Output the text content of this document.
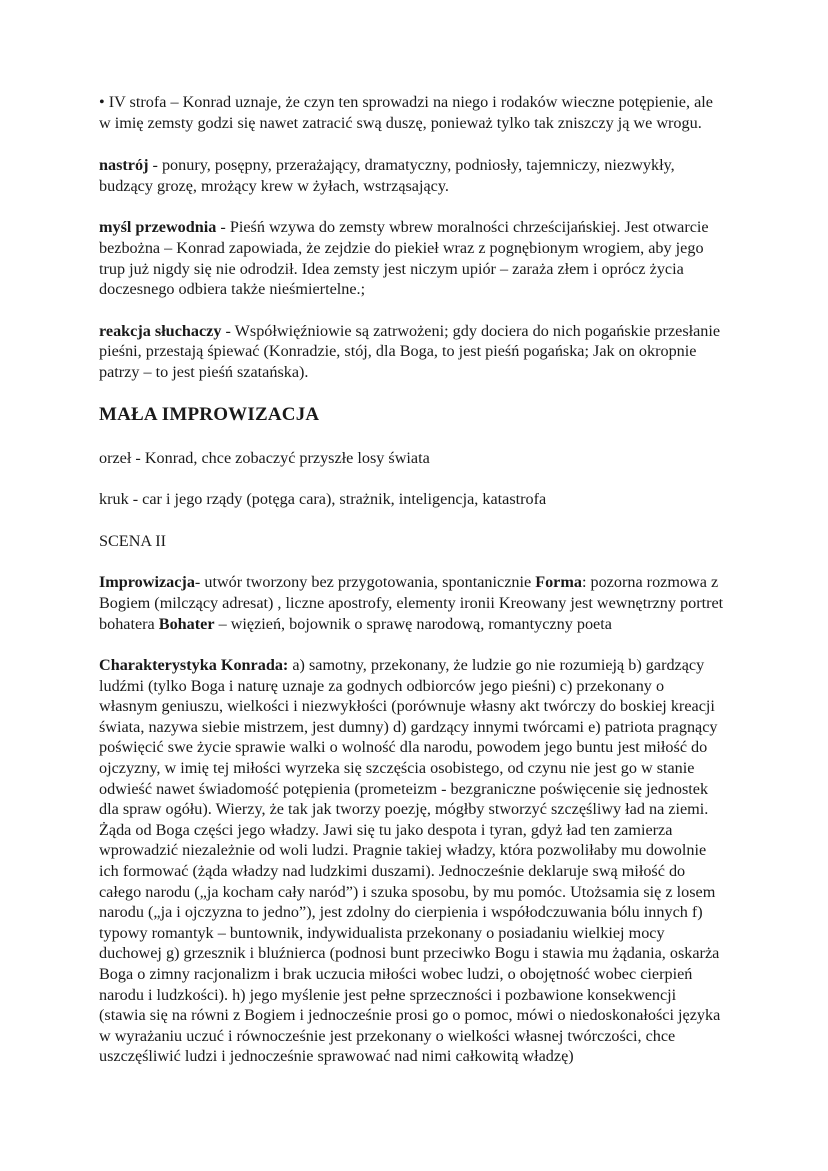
• IV strofa – Konrad uznaje, że czyn ten sprowadzi na niego i rodaków wieczne potępienie, ale w imię zemsty godzi się nawet zatracić swą duszę, ponieważ tylko tak zniszczy ją we wrogu.

nastrój - ponury, posępny, przerażający, dramatyczny, podniosły, tajemniczy, niezwykły, budzący grozę, mrożący krew w żyłach, wstrząsający.

myśl przewodnia - Pieśń wzywa do zemsty wbrew moralności chrześcijańskiej. Jest otwarcie bezbożna – Konrad zapowiada, że zejdzie do piekieł wraz z pognębionym wrogiem, aby jego trup już nigdy się nie odrodził. Idea zemsty jest niczym upiór – zaraża złem i oprócz życia doczesnego odbiera także nieśmiertelne.;

reakcja słuchaczy - Współwięźniowie są zatrwożeni; gdy dociera do nich pogańskie przesłanie pieśni, przestają śpiewać (Konradzie, stój, dla Boga, to jest pieśń pogańska; Jak on okropnie patrzy – to jest pieśń szatańska).

MAŁA IMPROWIZACJA

orzeł - Konrad, chce zobaczyć przyszłe losy świata

kruk - car i jego rządy (potęga cara), strażnik, inteligencja, katastrofa

SCENA II

Improwizacja- utwór tworzony bez przygotowania, spontanicznie Forma: pozorna rozmowa z Bogiem (milczący adresat) , liczne apostrofy, elementy ironii Kreowany jest wewnętrzny portret bohatera Bohater – więzień, bojownik o sprawę narodową, romantyczny poeta

Charakterystyka Konrada: a) samotny, przekonany, że ludzie go nie rozumieją b) gardzący ludźmi (tylko Boga i naturę uznaje za godnych odbiorców jego pieśni) c) przekonany o własnym geniuszu, wielkości i niezwykłości (porównuje własny akt twórczy do boskiej kreacji świata, nazywa siebie mistrzem, jest dumny) d) gardzący innymi twórcami e) patriota pragnący poświęcić swe życie sprawie walki o wolność dla narodu, powodem jego buntu jest miłość do ojczyzny, w imię tej miłości wyrzeka się szczęścia osobistego, od czynu nie jest go w stanie odwieść nawet świadomość potępienia (prometeizm - bezgraniczne poświęcenie się jednostek dla spraw ogółu). Wierzy, że tak jak tworzy poezję, mógłby stworzyć szczęśliwy ład na ziemi. Żąda od Boga części jego władzy. Jawi się tu jako despota i tyran, gdyż ład ten zamierza wprowadzić niezależnie od woli ludzi. Pragnie takiej władzy, która pozwoliłaby mu dowolnie ich formować (żąda władzy nad ludzkimi duszami). Jednocześnie deklaruje swą miłość do całego narodu („ja kocham cały naród”) i szuka sposobu, by mu pomóc. Utożsamia się z losem narodu („ja i ojczyzna to jedno”), jest zdolny do cierpienia i współodczuwania bólu innych f) typowy romantyk – buntownik, indywidualista przekonany o posiadaniu wielkiej mocy duchowej g) grzesznik i bluźnierca (podnosi bunt przeciwko Bogu i stawia mu żądania, oskarża Boga o zimny racjonalizm i brak uczucia miłości wobec ludzi, o obojętność wobec cierpień narodu i ludzkości). h) jego myślenie jest pełne sprzeczności i pozbawione konsekwencji (stawia się na równi z Bogiem i jednocześnie prosi go o pomoc, mówi o niedoskonałości języka w wyrażaniu uczuć i równocześnie jest przekonany o wielkości własnej twórczości, chce uszczęśliwić ludzi i jednocześnie sprawować nad nimi całkowitą władzę)
